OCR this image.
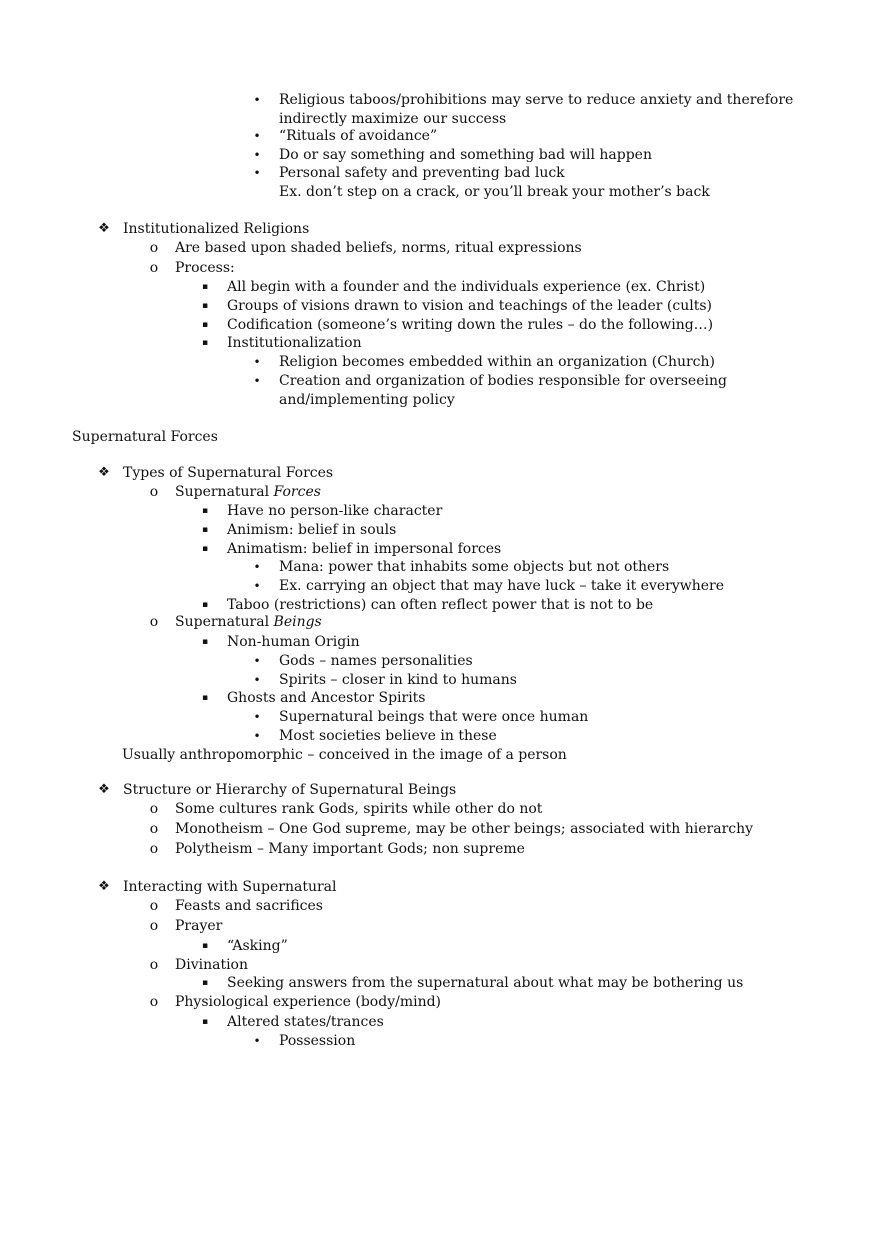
• Religious taboos/prohibitions may serve to reduce anxiety and therefore
indirectly maximize our success
• “Rituals of avoidance”
• Do or say something and something bad will happen
• Personal safety and preventing bad luck
Ex. don’t step on a crack, or you’ll break your mother’s back
❖ Institutionalized Religions
o Are based upon shaded beliefs, norms, ritual expressions
o Process:
▪ All begin with a founder and the individuals experience (ex. Christ)
▪ Groups of visions drawn to vision and teachings of the leader (cults)
▪ Codification (someone’s writing down the rules – do the following…)
▪ Institutionalization
• Religion becomes embedded within an organization (Church)
• Creation and organization of bodies responsible for overseeing
and/implementing policy
Supernatural Forces
❖ Types of Supernatural Forces
o Supernatural Forces
▪ Have no person-like character
▪ Animism: belief in souls
▪ Animatism: belief in impersonal forces
• Mana: power that inhabits some objects but not others
• Ex. carrying an object that may have luck – take it everywhere
▪ Taboo (restrictions) can often reflect power that is not to be
o Supernatural Beings
▪ Non-human Origin
• Gods – names personalities
• Spirits – closer in kind to humans
▪ Ghosts and Ancestor Spirits
• Supernatural beings that were once human
• Most societies believe in these
Usually anthropomorphic – conceived in the image of a person
❖ Structure or Hierarchy of Supernatural Beings
o Some cultures rank Gods, spirits while other do not
o Monotheism – One God supreme, may be other beings; associated with hierarchy
o Polytheism – Many important Gods; non supreme
❖ Interacting with Supernatural
o Feasts and sacrifices
o Prayer
▪ “Asking”
o Divination
▪ Seeking answers from the supernatural about what may be bothering us
o Physiological experience (body/mind)
▪ Altered states/trances
• Possession
